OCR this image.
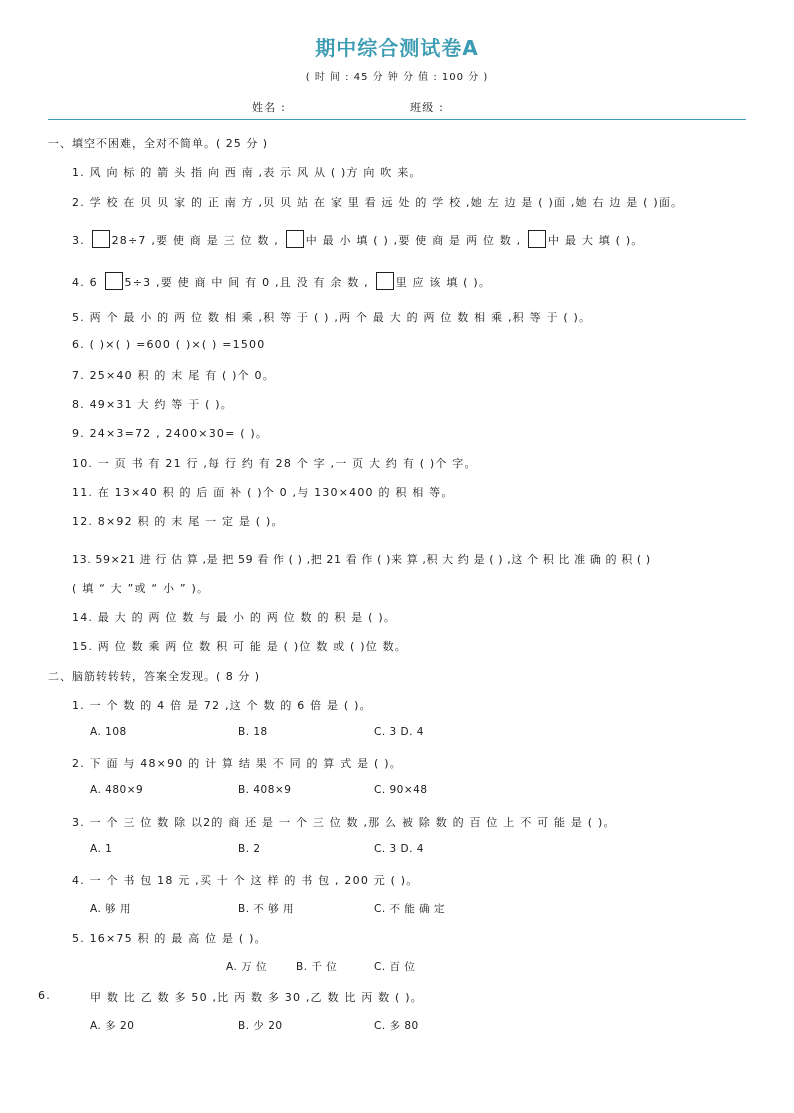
期中综合测试卷A
( 时 间 : 45 分 钟 分 值 : 100 分 )
姓名 :	班级 :
一、填空不困难，全对不简单。( 25 分 )
1. 风 向 标 的 箭 头 指 向 西 南 ,表 示 风 从 ( )方 向 吹 来。
2. 学 校 在 贝 贝 家 的 正 南 方 ,贝 贝 站 在 家 里 看 远 处 的 学 校 ,她 左 边 是 ( )面 ,她 右 边 是 ( )面。
3. 28÷7 ,要 使 商 是 三 位 数 , 中 最 小 填 ( ) ,要 使 商 是 两 位 数 , 中 最 大 填 ( )。
4. 6 5÷3 ,要 使 商 中 间 有 0 ,且 没 有 余 数 , 里 应 该 填 ( )。
5. 两 个 最 小 的 两 位 数 相 乘 ,积 等 于 ( ) ,两 个 最 大 的 两 位 数 相 乘 ,积 等 于 ( )。
6. ( )×( ) =600 ( )×( ) =1500
7. 25×40 积 的 末 尾 有 ( )个 0。
8. 49×31 大 约 等 于 ( )。
9. 24×3=72 , 2400×30= ( )。
10. 一 页 书 有 21 行 ,每 行 约 有 28 个 字 ,一 页 大 约 有 ( )个 字。
11. 在 13×40 积 的 后 面 补 ( )个 0 ,与 130×400 的 积 相 等。
12. 8×92 积 的 末 尾 一 定 是 ( )。
13. 59×21 进 行 估 算 ,是 把 59 看 作 ( ) ,把 21 看 作 ( )来 算 ,积 大 约 是 ( ) ,这 个 积 比 准 确 的 积 ( )
( 填 “ 大 ”或 “ 小 ” )。
14. 最 大 的 两 位 数 与 最 小 的 两 位 数 的 积 是 ( )。
15. 两 位 数 乘 两 位 数 积 可 能 是 ( )位 数 或 ( )位 数。
二、脑筋转转转，答案全发现。( 8 分 )
1. 一 个 数 的 4 倍 是 72 ,这 个 数 的 6 倍 是 ( )。
A. 108	B. 18	C. 3 D. 4
2. 下 面 与 48×90 的 计 算 结 果 不 同 的 算 式 是 ( )。
A. 480×9	B. 408×9	C. 90×48
3. 一 个 三 位 数 除 以2的 商 还 是 一 个 三 位 数 ,那 么 被 除 数 的 百 位 上 不 可 能 是 ( )。
A. 1	B. 2	C. 3 D. 4
4. 一 个 书 包 18 元 ,买 十 个 这 样 的 书 包 , 200 元 ( )。
A. 够 用	B. 不 够 用	C. 不 能 确 定
5. 16×75 积 的 最 高 位 是 ( )。
A. 万 位	B. 千 位	C. 百 位
6.	甲 数 比 乙 数 多 50 ,比 丙 数 多 30 ,乙 数 比 丙 数 ( )。
A. 多 20	B. 少 20	C. 多 80
